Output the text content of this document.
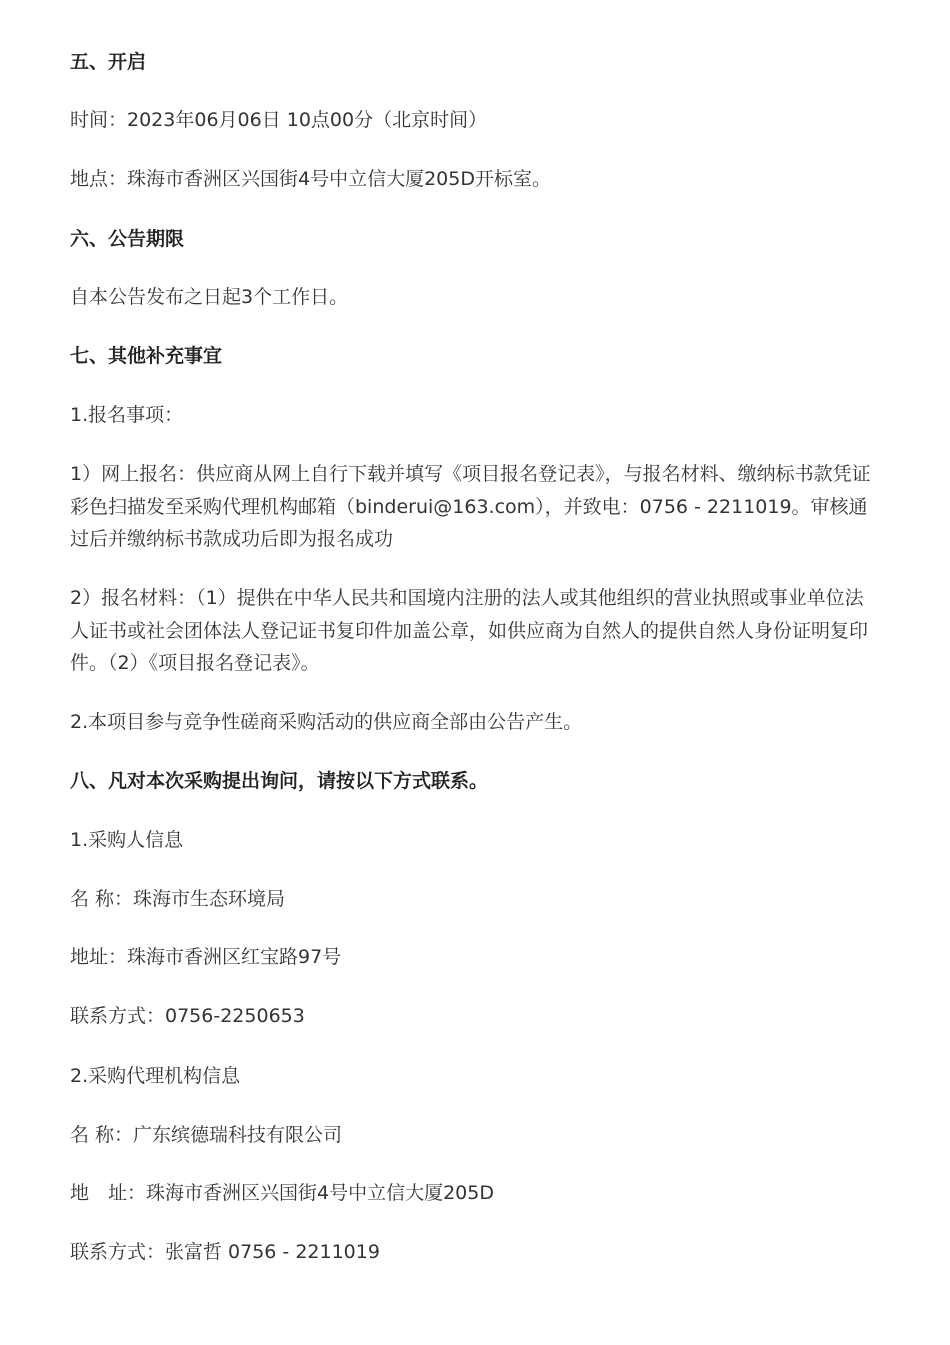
五、开启
时间：2023年06月06日 10点00分（北京时间）
地点：珠海市香洲区兴国街4号中立信大厦205D开标室。
六、公告期限
自本公告发布之日起3个工作日。
七、其他补充事宜
1.报名事项：
1）网上报名：供应商从网上自行下载并填写《项目报名登记表》，与报名材料、缴纳标书款凭证彩色扫描发至采购代理机构邮箱（binderui@163.com），并致电：0756 - 2211019。审核通过后并缴纳标书款成功后即为报名成功
2）报名材料：（1）提供在中华人民共和国境内注册的法人或其他组织的营业执照或事业单位法人证书或社会团体法人登记证书复印件加盖公章，如供应商为自然人的提供自然人身份证明复印件。（2）《项目报名登记表》。
2.本项目参与竞争性磋商采购活动的供应商全部由公告产生。
八、凡对本次采购提出询问，请按以下方式联系。
1.采购人信息
名 称：珠海市生态环境局
地址：珠海市香洲区红宝路97号
联系方式：0756-2250653
2.采购代理机构信息
名 称：广东缤德瑞科技有限公司
地　址：珠海市香洲区兴国街4号中立信大厦205D
联系方式：张富哲 0756 - 2211019
